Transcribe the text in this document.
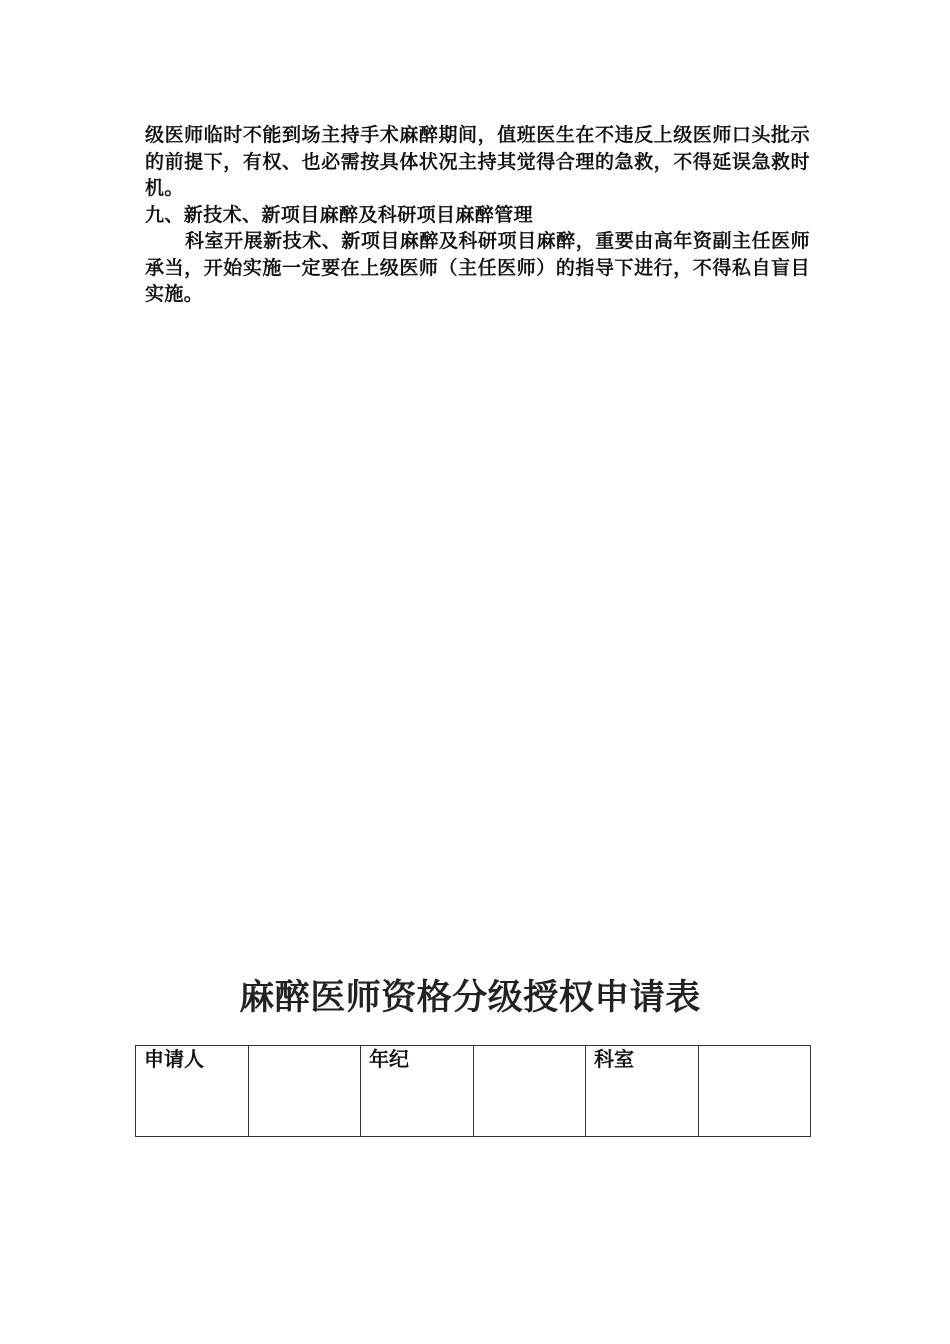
级医师临时不能到场主持手术麻醉期间，值班医生在不违反上级医师口头批示的前提下，有权、也必需按具体状况主持其觉得合理的急救，不得延误急救时机。

九、新技术、新项目麻醉及科研项目麻醉管理

科室开展新技术、新项目麻醉及科研项目麻醉，重要由高年资副主任医师承当，开始实施一定要在上级医师（主任医师）的指导下进行，不得私自盲目实施。

麻醉医师资格分级授权申请表
申请人		年纪		科室	
